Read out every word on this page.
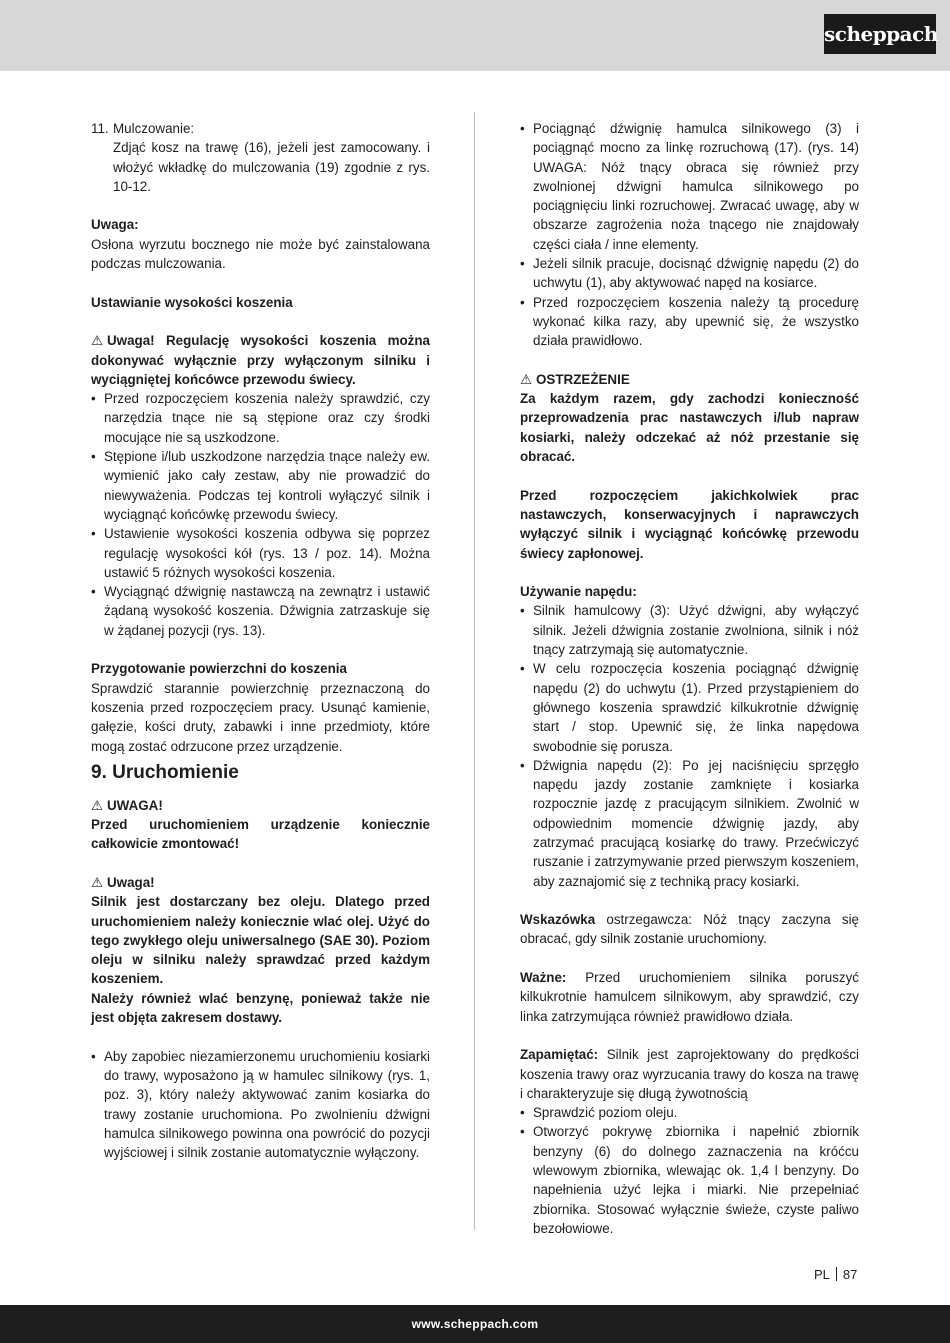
scheppach
11. Mulczowanie:

Zdjąć kosz na trawę (16), jeżeli jest zamocowany. i włożyć wkładkę do mulczowania (19) zgodnie z rys. 10-12.

Uwaga:

Osłona wyrzutu bocznego nie może być zainstalowana podczas mulczowania.

Ustawianie wysokości koszenia

⚠ Uwaga! Regulację wysokości koszenia można dokonywać wyłącznie przy wyłączonym silniku i wyciągniętej końcówce przewodu świecy.

• Przed rozpoczęciem koszenia należy sprawdzić, czy narzędzia tnące nie są stępione oraz czy środki mocujące nie są uszkodzone.
• Stępione i/lub uszkodzone narzędzia tnące należy ew. wymienić jako cały zestaw, aby nie prowadzić do niewyważenia. Podczas tej kontroli wyłączyć silnik i wyciągnąć końcówkę przewodu świecy.
• Ustawienie wysokości koszenia odbywa się poprzez regulację wysokości kół (rys. 13 / poz. 14). Można ustawić 5 różnych wysokości koszenia.
• Wyciągnąć dźwignię nastawczą na zewnątrz i ustawić żądaną wysokość koszenia. Dźwignia zatrzaskuje się w żądanej pozycji (rys. 13).

Przygotowanie powierzchni do koszenia

Sprawdzić starannie powierzchnię przeznaczoną do koszenia przed rozpoczęciem pracy. Usunąć kamienie, gałęzie, kości druty, zabawki i inne przedmioty, które mogą zostać odrzucone przez urządzenie.

9. Uruchomienie

⚠ UWAGA!

Przed uruchomieniem urządzenie koniecznie całkowicie zmontować!

⚠ Uwaga!

Silnik jest dostarczany bez oleju. Dlatego przed uruchomieniem należy koniecznie wlać olej. Użyć do tego zwykłego oleju uniwersalnego (SAE 30). Poziom oleju w silniku należy sprawdzać przed każdym koszeniem.

Należy również wlać benzynę, ponieważ także nie jest objęta zakresem dostawy.

• Aby zapobiec niezamierzonemu uruchomieniu kosiarki do trawy, wyposażono ją w hamulec silnikowy (rys. 1, poz. 3), który należy aktywować zanim kosiarka do trawy zostanie uruchomiona. Po zwolnieniu dźwigni hamulca silnikowego powinna ona powrócić do pozycji wyjściowej i silnik zostanie automatycznie wyłączony.
• Pociągnąć dźwignię hamulca silnikowego (3) i pociągnąć mocno za linkę rozruchową (17). (rys. 14) UWAGA: Nóż tnący obraca się również przy zwolnionej dźwigni hamulca silnikowego po pociągnięciu linki rozruchowej. Zwracać uwagę, aby w obszarze zagrożenia noża tnącego nie znajdowały części ciała / inne elementy.
• Jeżeli silnik pracuje, docisnąć dźwignię napędu (2) do uchwytu (1), aby aktywować napęd na kosiarce.
• Przed rozpoczęciem koszenia należy tą procedurę wykonać kilka razy, aby upewnić się, że wszystko działa prawidłowo.

⚠ OSTRZEŻENIE

Za każdym razem, gdy zachodzi konieczność przeprowadzenia prac nastawczych i/lub napraw kosiarki, należy odczekać aż nóż przestanie się obracać.

Przed rozpoczęciem jakichkolwiek prac nastawczych, konserwacyjnych i naprawczych wyłączyć silnik i wyciągnąć końcówkę przewodu świecy zapłonowej.

Używanie napędu:

• Silnik hamulcowy (3): Użyć dźwigni, aby wyłączyć silnik. Jeżeli dźwignia zostanie zwolniona, silnik i nóż tnący zatrzymają się automatycznie.
• W celu rozpoczęcia koszenia pociągnąć dźwignię napędu (2) do uchwytu (1). Przed przystąpieniem do głównego koszenia sprawdzić kilkukrotnie dźwignię start / stop. Upewnić się, że linka napędowa swobodnie się porusza.
• Dźwignia napędu (2): Po jej naciśnięciu sprzęgło napędu jazdy zostanie zamknięte i kosiarka rozpocznie jazdę z pracującym silnikiem. Zwolnić w odpowiednim momencie dźwignię jazdy, aby zatrzymać pracującą kosiarkę do trawy. Przećwiczyć ruszanie i zatrzymywanie przed pierwszym koszeniem, aby zaznajomić się z techniką pracy kosiarki.

Wskazówka ostrzegawcza: Nóż tnący zaczyna się obracać, gdy silnik zostanie uruchomiony.

Ważne: Przed uruchomieniem silnika poruszyć kilkukrotnie hamulcem silnikowym, aby sprawdzić, czy linka zatrzymująca również prawidłowo działa.

Zapamiętać: Silnik jest zaprojektowany do prędkości koszenia trawy oraz wyrzucania trawy do kosza na trawę i charakteryzuje się długą żywotnością

• Sprawdzić poziom oleju.
• Otworzyć pokrywę zbiornika i napełnić zbiornik benzyny (6) do dolnego zaznaczenia na króćcu wlewowym zbiornika, wlewając ok. 1,4 l benzyny. Do napełnienia użyć lejka i miarki. Nie przepełniać zbiornika. Stosować wyłącznie świeże, czyste paliwo bezołowiowe.
PL 87
www.scheppach.com
